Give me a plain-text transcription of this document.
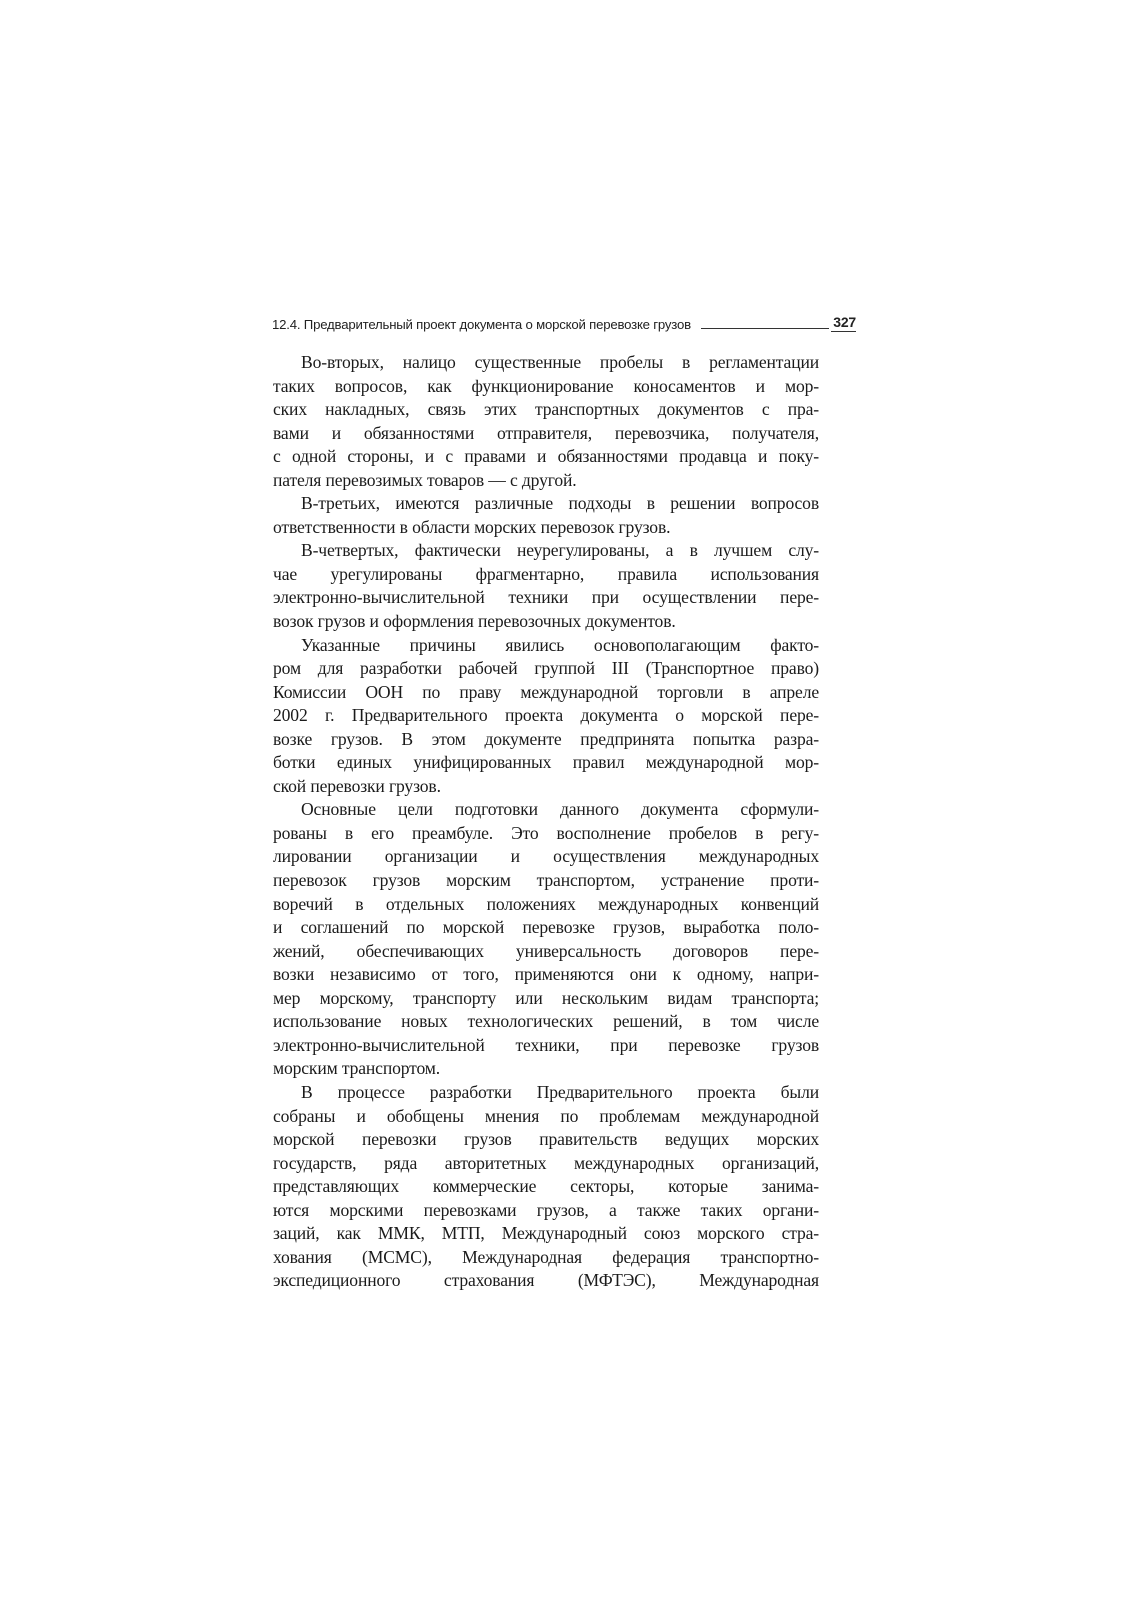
12.4. Предварительный проект документа о морской перевозке грузов	327
Во-вторых, налицо существенные пробелы в регламентации
таких вопросов, как функционирование коносаментов и мор-
ских накладных, связь этих транспортных документов с пра-
вами и обязанностями отправителя, перевозчика, получателя,
с одной стороны, и с правами и обязанностями продавца и поку-
пателя перевозимых товаров — с другой.
В-третьих, имеются различные подходы в решении вопросов
ответственности в области морских перевозок грузов.
В-четвертых, фактически неурегулированы, а в лучшем слу-
чае урегулированы фрагментарно, правила использования
электронно-вычислительной техники при осуществлении пере-
возок грузов и оформления перевозочных документов.
Указанные причины явились основополагающим факто-
ром для разработки рабочей группой III (Транспортное право)
Комиссии ООН по праву международной торговли в апреле
2002 г. Предварительного проекта документа о морской пере-
возке грузов. В этом документе предпринята попытка разра-
ботки единых унифицированных правил международной мор-
ской перевозки грузов.
Основные цели подготовки данного документа сформули-
рованы в его преамбуле. Это восполнение пробелов в регу-
лировании организации и осуществления международных
перевозок грузов морским транспортом, устранение проти-
воречий в отдельных положениях международных конвенций
и соглашений по морской перевозке грузов, выработка поло-
жений, обеспечивающих универсальность договоров пере-
возки независимо от того, применяются они к одному, напри-
мер морскому, транспорту или нескольким видам транспорта;
использование новых технологических решений, в том числе
электронно-вычислительной техники, при перевозке грузов
морским транспортом.
В процессе разработки Предварительного проекта были
собраны и обобщены мнения по проблемам международной
морской перевозки грузов правительств ведущих морских
государств, ряда авторитетных международных организаций,
представляющих коммерческие секторы, которые занима-
ются морскими перевозками грузов, а также таких органи-
заций, как ММК, МТП, Международный союз морского стра-
хования (МСМС), Международная федерация транспортно-
экспедиционного страхования (МФТЭС), Международная
